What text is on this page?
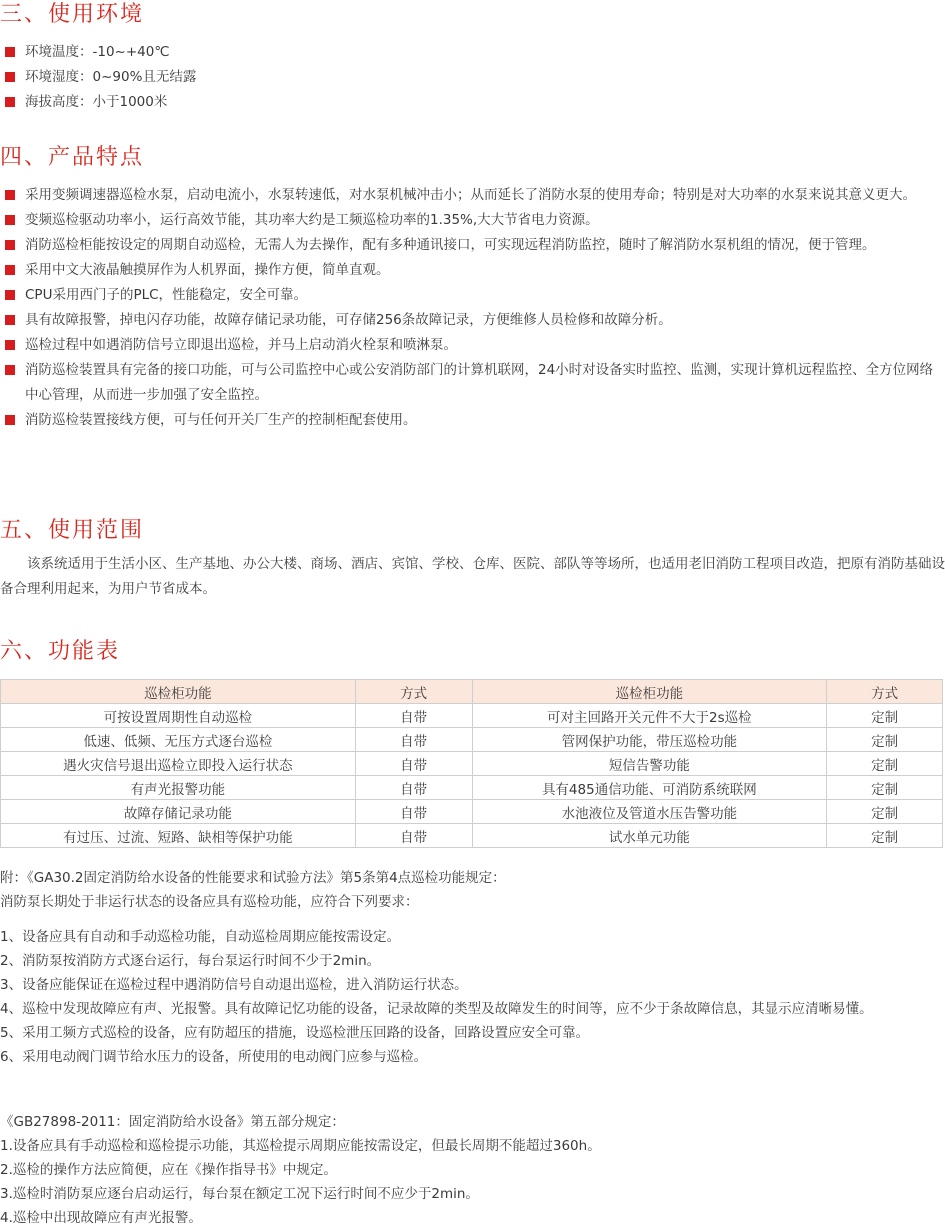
三、使用环境
环境温度：-10~+40℃
环境湿度：0~90%且无结露
海拔高度：小于1000米
四、产品特点
采用变频调速器巡检水泵，启动电流小，水泵转速低，对水泵机械冲击小；从而延长了消防水泵的使用寿命；特别是对大功率的水泵来说其意义更大。
变频巡检驱动功率小，运行高效节能，其功率大约是工频巡检功率的1.35%,大大节省电力资源。
消防巡检柜能按设定的周期自动巡检，无需人为去操作，配有多种通讯接口，可实现远程消防监控，随时了解消防水泵机组的情况，便于管理。
采用中文大液晶触摸屏作为人机界面，操作方便，简单直观。
CPU采用西门子的PLC，性能稳定，安全可靠。
具有故障报警，掉电闪存功能，故障存储记录功能，可存储256条故障记录，方便维修人员检修和故障分析。
巡检过程中如遇消防信号立即退出巡检，并马上启动消火栓泵和喷淋泵。
消防巡检装置具有完备的接口功能，可与公司监控中心或公安消防部门的计算机联网，24小时对设备实时监控、监测，实现计算机远程监控、全方位网络中心管理，从而进一步加强了安全监控。
消防巡检装置接线方便，可与任何开关厂生产的控制柜配套使用。
五、使用范围

该系统适用于生活小区、生产基地、办公大楼、商场、酒店、宾馆、学校、仓库、医院、部队等等场所，也适用老旧消防工程项目改造，把原有消防基础设备合理利用起来，为用户节省成本。

六、功能表
巡检柜功能	方式	巡检柜功能	方式
可按设置周期性自动巡检	自带	可对主回路开关元件不大于2s巡检	定制
低速、低频、无压方式逐台巡检	自带	管网保护功能，带压巡检功能	定制
遇火灾信号退出巡检立即投入运行状态	自带	短信告警功能	定制
有声光报警功能	自带	具有485通信功能、可消防系统联网	定制
故障存储记录功能	自带	水池液位及管道水压告警功能	定制
有过压、过流、短路、缺相等保护功能	自带	试水单元功能	定制
附：《GA30.2固定消防给水设备的性能要求和试验方法》第5条第4点巡检功能规定：
消防泵长期处于非运行状态的设备应具有巡检功能，应符合下列要求：
1、设备应具有自动和手动巡检功能，自动巡检周期应能按需设定。
2、消防泵按消防方式逐台运行，每台泵运行时间不少于2min。
3、设备应能保证在巡检过程中遇消防信号自动退出巡检，进入消防运行状态。
4、巡检中发现故障应有声、光报警。具有故障记忆功能的设备，记录故障的类型及故障发生的时间等，应不少于条故障信息，其显示应清晰易懂。
5、采用工频方式巡检的设备，应有防超压的措施，设巡检泄压回路的设备，回路设置应安全可靠。
6、采用电动阀门调节给水压力的设备，所使用的电动阀门应参与巡检。
《GB27898-2011：固定消防给水设备》第五部分规定：
1.设备应具有手动巡检和巡检提示功能，其巡检提示周期应能按需设定，但最长周期不能超过360h。
2.巡检的操作方法应简便，应在《操作指导书》中规定。
3.巡检时消防泵应逐台启动运行，每台泵在额定工况下运行时间不应少于2min。
4.巡检中出现故障应有声光报警。
